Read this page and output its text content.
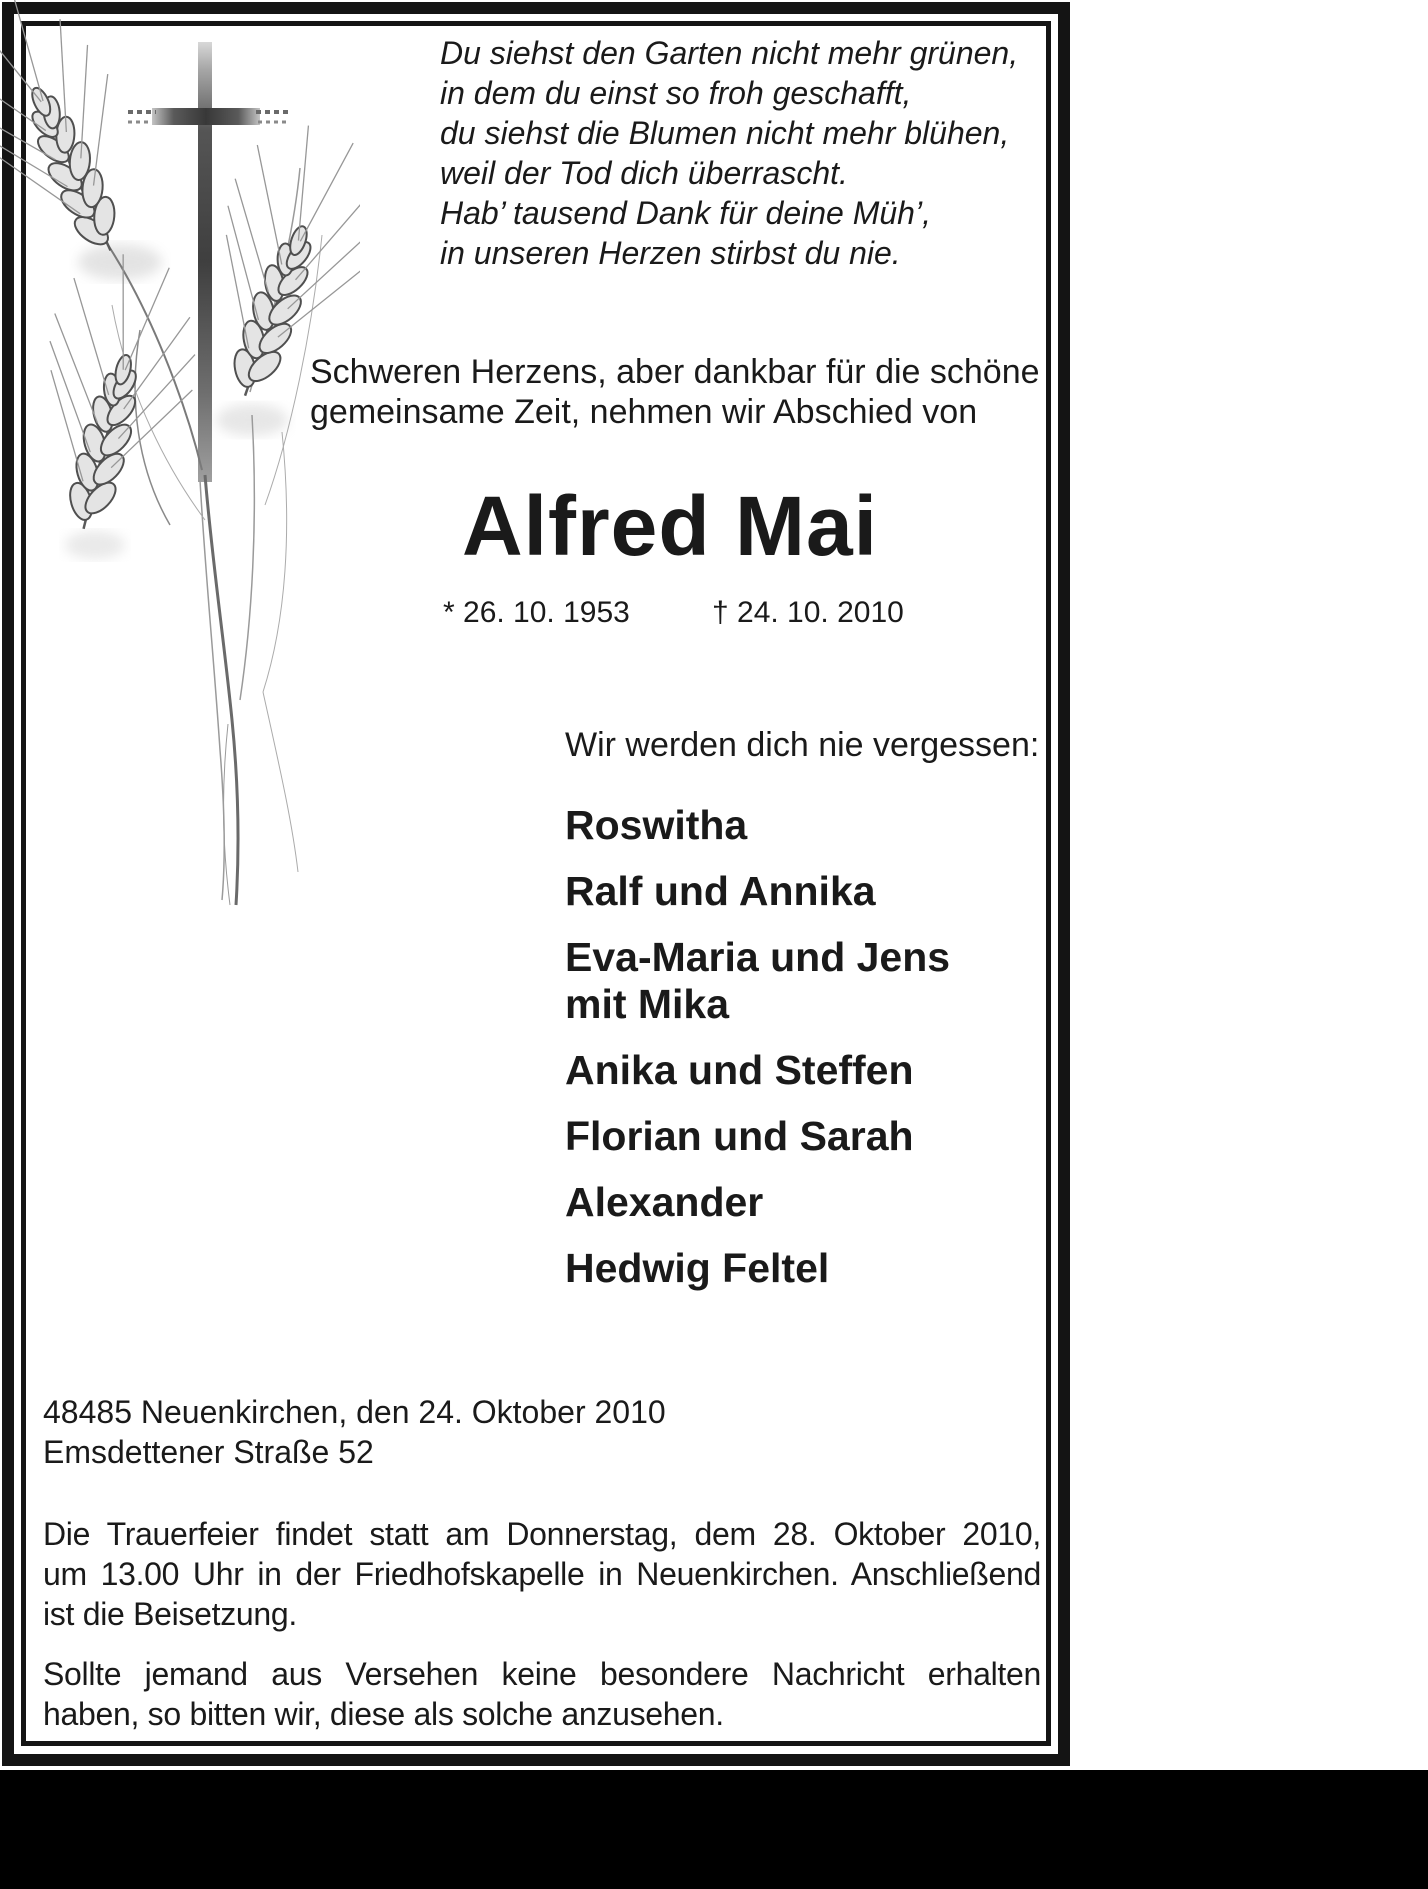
Du siehst den Garten nicht mehr grünen,
in dem du einst so froh geschafft,
du siehst die Blumen nicht mehr blühen,
weil der Tod dich überrascht.
Hab’ tausend Dank für deine Müh’,
in unseren Herzen stirbst du nie.
Schweren Herzens, aber dankbar für die schöne
gemeinsame Zeit, nehmen wir Abschied von
Alfred Mai
* 26. 10. 1953	† 24. 10. 2010
Wir werden dich nie vergessen:
Roswitha
Ralf und Annika
Eva-Maria und Jens
mit Mika
Anika und Steffen
Florian und Sarah
Alexander
Hedwig Feltel
48485 Neuenkirchen, den 24. Oktober 2010
Emsdettener Straße 52
Die Trauerfeier findet statt am Donnerstag, dem 28. Oktober 2010,
um 13.00 Uhr in der Friedhofskapelle in Neuenkirchen. Anschließend
ist die Beisetzung.
Sollte jemand aus Versehen keine besondere Nachricht erhalten
haben, so bitten wir, diese als solche anzusehen.
